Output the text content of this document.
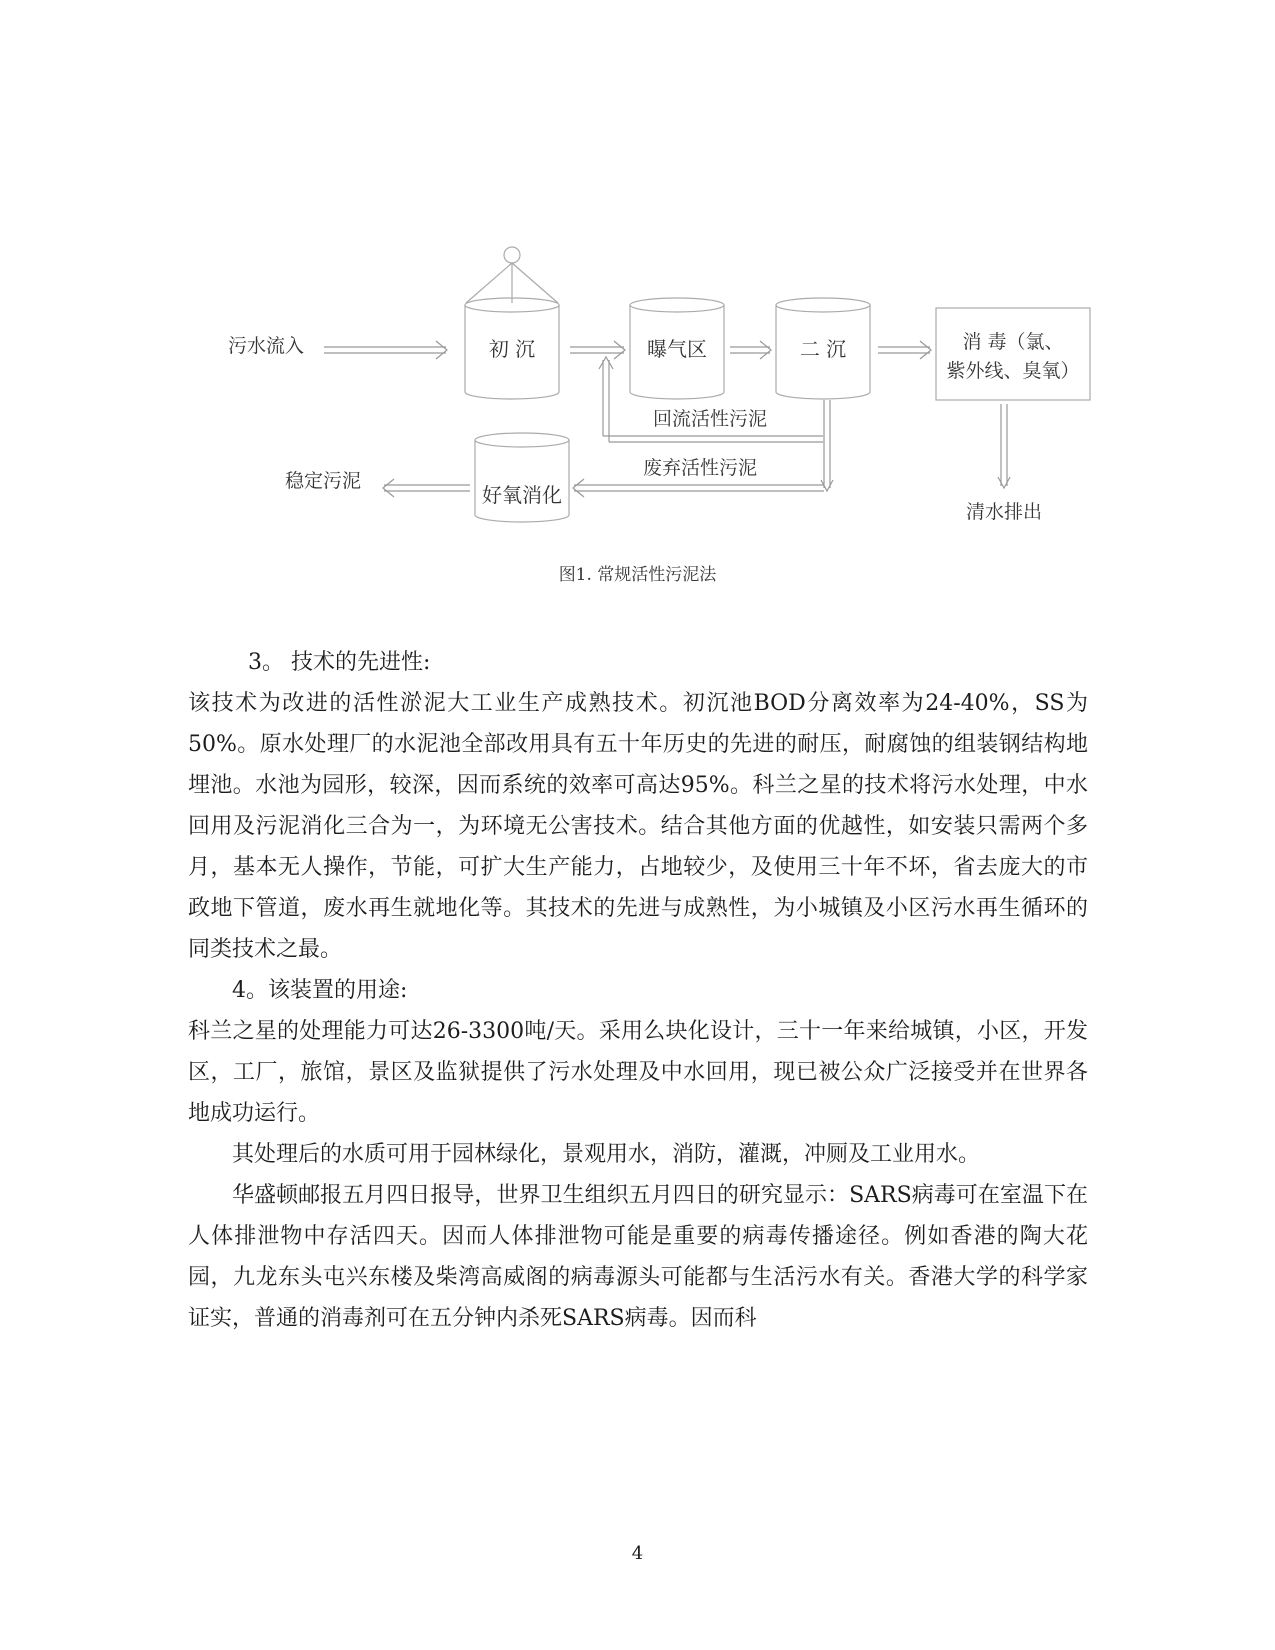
污水流入	初 沉	曝气区	二 沉	消 毒（氯、
紫外线、臭氧）
清水排出
回流活性污泥
废弃活性污泥
好氧消化
稳定污泥
图1. 常规活性污泥法

3。 技术的先进性:

该技术为改进的活性淤泥大工业生产成熟技术。初沉池BOD分离效率为24-40%，SS为50%。原水处理厂的水泥池全部改用具有五十年历史的先进的耐压，耐腐蚀的组装钢结构地埋池。水池为园形，较深，因而系统的效率可高达95%。科兰之星的技术将污水处理，中水回用及污泥消化三合为一，为环境无公害技术。结合其他方面的优越性，如安装只需两个多月，基本无人操作，节能，可扩大生产能力，占地较少，及使用三十年不坏，省去庞大的市政地下管道，废水再生就地化等。其技术的先进与成熟性，为小城镇及小区污水再生循环的同类技术之最。

4。该装置的用途:

科兰之星的处理能力可达26-3300吨/天。采用么块化设计，三十一年来给城镇，小区，开发区，工厂，旅馆，景区及监狱提供了污水处理及中水回用，现已被公众广泛接受并在世界各地成功运行。

其处理后的水质可用于园林绿化，景观用水，消防，灌溉，冲厕及工业用水。

华盛顿邮报五月四日报导，世界卫生组织五月四日的研究显示：SARS病毒可在室温下在人体排泄物中存活四天。因而人体排泄物可能是重要的病毒传播途径。例如香港的陶大花园，九龙东头屯兴东楼及柴湾高威阁的病毒源头可能都与生活污水有关。香港大学的科学家证实，普通的消毒剂可在五分钟内杀死SARS病毒。因而科

4
